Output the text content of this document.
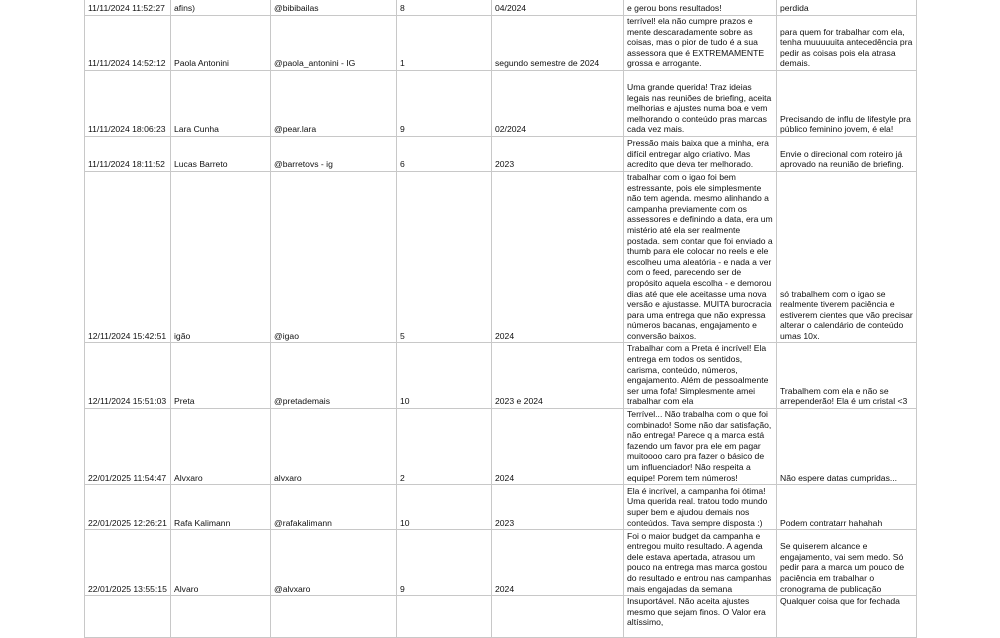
11/11/2024 11:52:27	afins)	@bibibailas	8	04/2024	e gerou bons resultados!	perdida
11/11/2024 14:52:12	Paola Antonini	@paola_antonini - IG	1	segundo semestre de 2024	terrível! ela não cumpre prazos e mente descaradamente sobre as coisas, mas o pior de tudo é a sua assessora que é EXTREMAMENTE grossa e arrogante.	para quem for trabalhar com ela, tenha muuuuuita antecedência pra pedir as coisas pois ela atrasa demais.
11/11/2024 18:06:23	Lara Cunha	@pear.lara	9	02/2024	Uma grande querida! Traz ideias legais nas reuniões de briefing, aceita melhorias e ajustes numa boa e vem melhorando o conteúdo pras marcas cada vez mais.	Precisando de influ de lifestyle pra público feminino jovem, é ela!
11/11/2024 18:11:52	Lucas Barreto	@barretovs - ig	6	2023	Pressão mais baixa que a minha, era difícil entregar algo criativo. Mas acredito que deva ter melhorado.	Envie o direcional com roteiro já aprovado na reunião de briefing.
12/11/2024 15:42:51	igão	@igao	5	2024	trabalhar com o igao foi bem estressante, pois ele simplesmente não tem agenda. mesmo alinhando a campanha previamente com os assessores e definindo a data, era um mistério até ela ser realmente postada. sem contar que foi enviado a thumb para ele colocar no reels e ele escolheu uma aleatória - e nada a ver com o feed, parecendo ser de propósito aquela escolha - e demorou dias até que ele aceitasse uma nova versão e ajustasse. MUITA burocracia para uma entrega que não expressa números bacanas, engajamento e conversão baixos.	só trabalhem com o igao se realmente tiverem paciência e estiverem cientes que vão precisar alterar o calendário de conteúdo umas 10x.
12/11/2024 15:51:03	Preta	@pretademais	10	2023 e 2024	Trabalhar com a Preta é incrível! Ela entrega em todos os sentidos, carisma, conteúdo, números, engajamento. Além de pessoalmente ser uma fofa! Simplesmente amei trabalhar com ela	Trabalhem com ela e não se arrependerão! Ela é um cristal <3
22/01/2025 11:54:47	Alvxaro	alvxaro	2	2024	Terrível... Não trabalha com o que foi combinado! Some não dar satisfação, não entrega! Parece q a marca está fazendo um favor pra ele em pagar muitoooo caro pra fazer o básico de um influenciador! Não respeita a equipe! Porem tem números!	Não espere datas cumpridas...
22/01/2025 12:26:21	Rafa Kalimann	@rafakalimann	10	2023	Ela é incrível, a campanha foi ótima! Uma querida real. tratou todo mundo super bem e ajudou demais nos conteúdos. Tava sempre disposta :)	Podem contratarr hahahah
22/01/2025 13:55:15	Alvaro	@alvxaro	9	2024	Foi o maior budget da campanha e entregou muito resultado. A agenda dele estava apertada, atrasou um pouco na entrega mas marca gostou do resultado e entrou nas campanhas mais engajadas da semana	Se quiserem alcance e engajamento, vai sem medo. Só pedir para a marca um pouco de paciência em trabalhar o cronograma de publicação
					Insuportável. Não aceita ajustes mesmo que sejam finos. O Valor era altíssimo,	Qualquer coisa que for fechada
